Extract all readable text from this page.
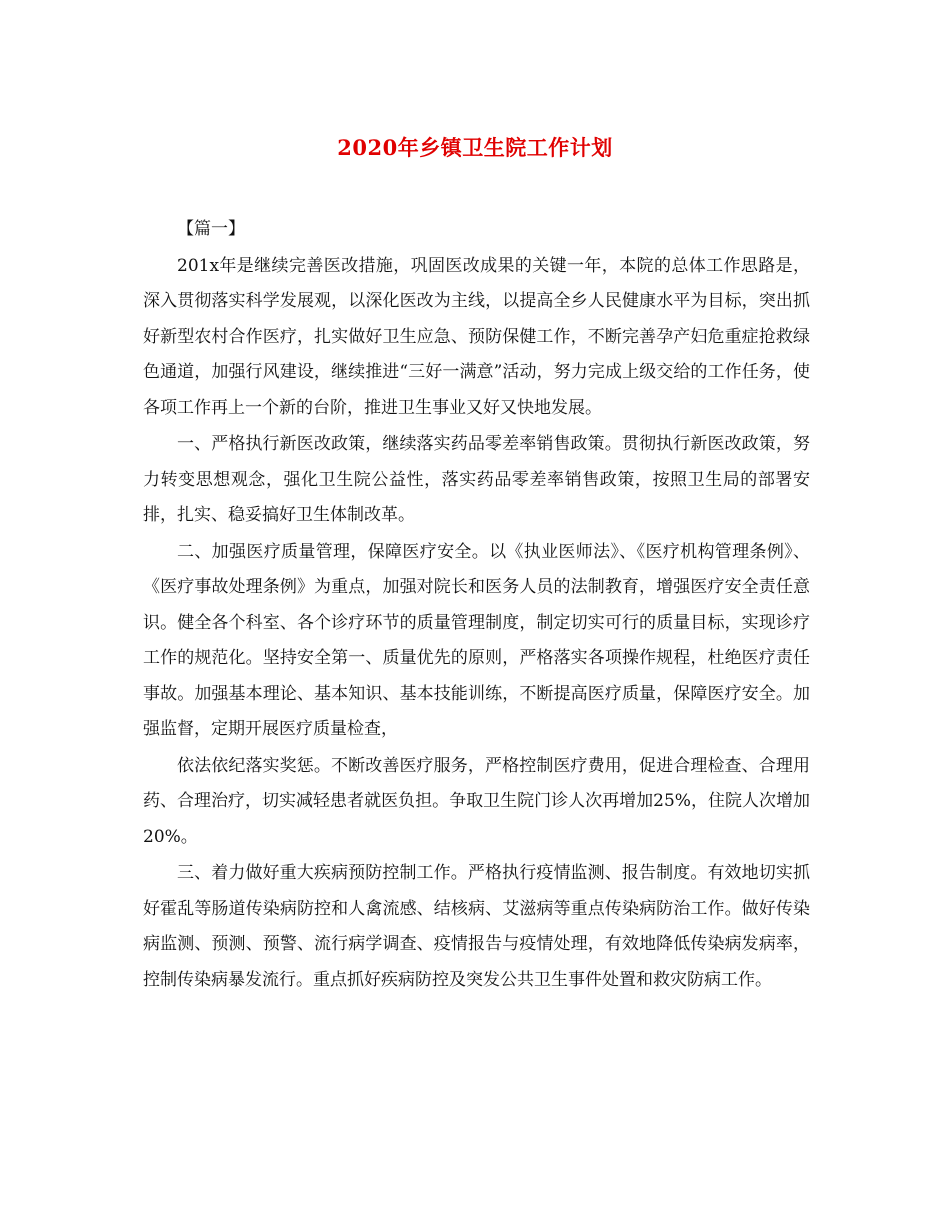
2020年乡镇卫生院工作计划

【篇一】

201x年是继续完善医改措施，巩固医改成果的关键一年，本院的总体工作思路是，深入贯彻落实科学发展观，以深化医改为主线，以提高全乡人民健康水平为目标，突出抓好新型农村合作医疗，扎实做好卫生应急、预防保健工作，不断完善孕产妇危重症抢救绿色通道，加强行风建设，继续推进“三好一满意”活动，努力完成上级交给的工作任务，使各项工作再上一个新的台阶，推进卫生事业又好又快地发展。

一、严格执行新医改政策，继续落实药品零差率销售政策。贯彻执行新医改政策，努力转变思想观念，强化卫生院公益性，落实药品零差率销售政策，按照卫生局的部署安排，扎实、稳妥搞好卫生体制改革。

二、加强医疗质量管理，保障医疗安全。以《执业医师法》、《医疗机构管理条例》、《医疗事故处理条例》为重点，加强对院长和医务人员的法制教育，增强医疗安全责任意识。健全各个科室、各个诊疗环节的质量管理制度，制定切实可行的质量目标，实现诊疗工作的规范化。坚持安全第一、质量优先的原则，严格落实各项操作规程，杜绝医疗责任事故。加强基本理论、基本知识、基本技能训练，不断提高医疗质量，保障医疗安全。加强监督，定期开展医疗质量检查，

依法依纪落实奖惩。不断改善医疗服务，严格控制医疗费用，促进合理检查、合理用药、合理治疗，切实减轻患者就医负担。争取卫生院门诊人次再增加25%，住院人次增加20%。

三、着力做好重大疾病预防控制工作。严格执行疫情监测、报告制度。有效地切实抓好霍乱等肠道传染病防控和人禽流感、结核病、艾滋病等重点传染病防治工作。做好传染病监测、预测、预警、流行病学调查、疫情报告与疫情处理，有效地降低传染病发病率，控制传染病暴发流行。重点抓好疾病防控及突发公共卫生事件处置和救灾防病工作。
